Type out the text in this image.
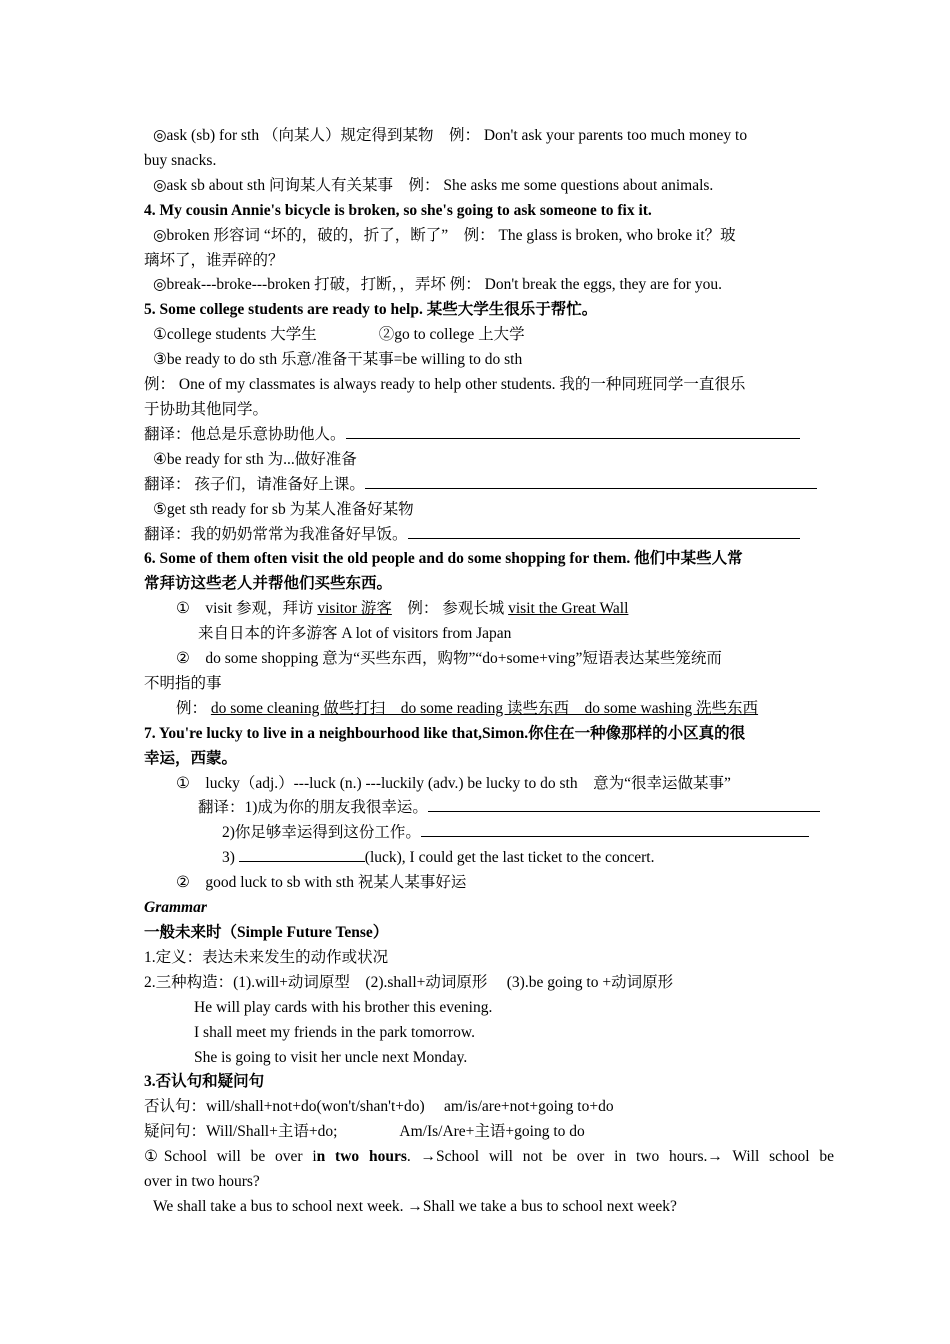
◎ask (sb) for sth （向某人）规定得到某物　例： Don't ask your parents too much money to
buy snacks.
◎ask sb about sth 问询某人有关某事　例： She asks me some questions about animals.
4. My cousin Annie's bicycle is broken, so she's going to ask someone to fix it.
◎broken 形容词 “坏的，破的，折了，断了”　例： The glass is broken, who broke it？玻
璃坏了，谁弄碎的？
◎break---broke---broken 打破，打断，，弄坏 例： Don't break the eggs, they are for you.
5. Some college students are ready to help. 某些大学生很乐于帮忙。
①college students 大学生　　　　②go to college 上大学
③be ready to do sth 乐意/准备干某事=be willing to do sth
例： One of my classmates is always ready to help other students. 我的一种同班同学一直很乐
于协助其他同学。
翻译：他总是乐意协助他人。
④be ready for sth 为...做好准备
翻译： 孩子们，请准备好上课。
⑤get sth ready for sb 为某人准备好某物
翻译：我的奶奶常常为我准备好早饭。
6. Some of them often visit the old people and do some shopping for them. 他们中某些人常
常拜访这些老人并帮他们买些东西。
①　visit 参观，拜访 visitor 游客　例： 参观长城 visit the Great Wall
来自日本的许多游客 A lot of visitors from Japan
②　do some shopping 意为“买些东西，购物”“do+some+ving”短语表达某些笼统而
不明指的事
例： do some cleaning 做些打扫　do some reading 读些东西　do some washing 洗些东西
7. You're lucky to live in a neighbourhood like that,Simon.你住在一种像那样的小区真的很
幸运，西蒙。
①　lucky（adj.）---luck (n.) ---luckily (adv.) be lucky to do sth　意为“很幸运做某事”
翻译：1)成为你的朋友我很幸运。
2)你足够幸运得到这份工作。
3)	(luck), I could get the last ticket to the concert.
②　good luck to sb with sth 祝某人某事好运
Grammar
一般未来时（Simple Future Tense）
1.定义：表达未来发生的动作或状况
2.三种构造：(1).will+动词原型　(2).shall+动词原形　 (3).be going to +动词原形
He will play cards with his brother this evening.
I shall meet my friends in the park tomorrow.
She is going to visit her uncle next Monday.
3.否认句和疑问句
否认句：will/shall+not+do(won't/shan't+do)　 am/is/are+not+going to+do
疑问句：Will/Shall+主语+do;　　　　Am/Is/Are+主语+going to do
①School will be over in two hours. →School will not be over in two hours.→ Will school be
over in two hours?
We shall take a bus to school next week. →Shall we take a bus to school next week?
